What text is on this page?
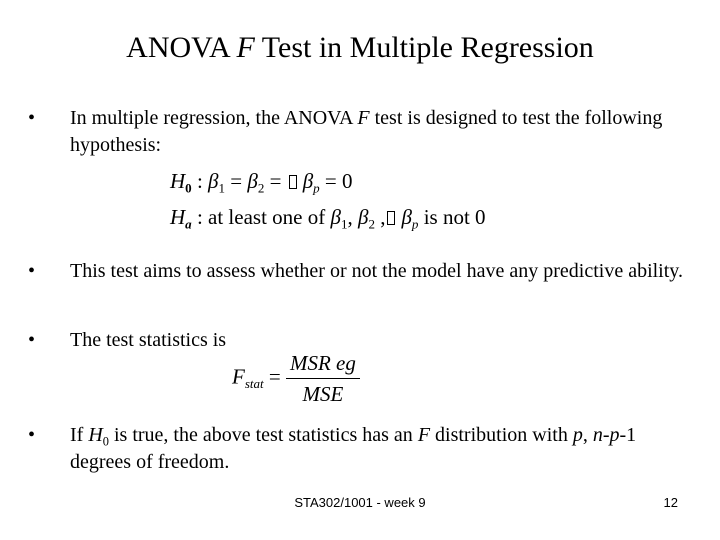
ANOVA F Test in Multiple Regression
• In multiple regression, the ANOVA F test is designed to test the following hypothesis:
$H_0$ : $\beta_1 = \beta_2 = \beta_p = 0$
$H_a$ : at least one of $\beta_1$, $\beta_2$ , $\beta_p$ is not 0
• This test aims to assess whether or not the model have any predictive ability.
• The test statistics is
$F_{stat} = \frac{\text{MSR eg}}{\text{MSE}}$
• If $H_0$ is true, the above test statistics has an F distribution with p, n-p-1 degrees of freedom.
STA302/1001 - week 9	12
